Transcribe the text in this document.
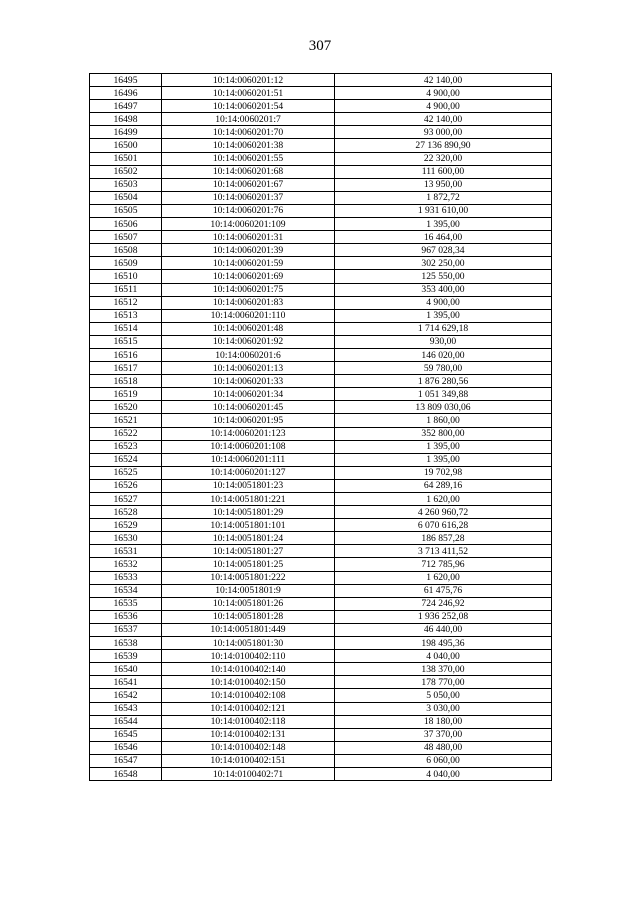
307
16495	10:14:0060201:12	42 140,00
16496	10:14:0060201:51	4 900,00
16497	10:14:0060201:54	4 900,00
16498	10:14:0060201:7	42 140,00
16499	10:14:0060201:70	93 000,00
16500	10:14:0060201:38	27 136 890,90
16501	10:14:0060201:55	22 320,00
16502	10:14:0060201:68	111 600,00
16503	10:14:0060201:67	13 950,00
16504	10:14:0060201:37	1 872,72
16505	10:14:0060201:76	1 931 610,00
16506	10:14:0060201:109	1 395,00
16507	10:14:0060201:31	16 464,00
16508	10:14:0060201:39	967 028,34
16509	10:14:0060201:59	302 250,00
16510	10:14:0060201:69	125 550,00
16511	10:14:0060201:75	353 400,00
16512	10:14:0060201:83	4 900,00
16513	10:14:0060201:110	1 395,00
16514	10:14:0060201:48	1 714 629,18
16515	10:14:0060201:92	930,00
16516	10:14:0060201:6	146 020,00
16517	10:14:0060201:13	59 780,00
16518	10:14:0060201:33	1 876 280,56
16519	10:14:0060201:34	1 051 349,88
16520	10:14:0060201:45	13 809 030,06
16521	10:14:0060201:95	1 860,00
16522	10:14:0060201:123	352 800,00
16523	10:14:0060201:108	1 395,00
16524	10:14:0060201:111	1 395,00
16525	10:14:0060201:127	19 702,98
16526	10:14:0051801:23	64 289,16
16527	10:14:0051801:221	1 620,00
16528	10:14:0051801:29	4 260 960,72
16529	10:14:0051801:101	6 070 616,28
16530	10:14:0051801:24	186 857,28
16531	10:14:0051801:27	3 713 411,52
16532	10:14:0051801:25	712 785,96
16533	10:14:0051801:222	1 620,00
16534	10:14:0051801:9	61 475,76
16535	10:14:0051801:26	724 246,92
16536	10:14:0051801:28	1 936 252,08
16537	10:14:0051801:449	46 440,00
16538	10:14:0051801:30	198 495,36
16539	10:14:0100402:110	4 040,00
16540	10:14:0100402:140	138 370,00
16541	10:14:0100402:150	178 770,00
16542	10:14:0100402:108	5 050,00
16543	10:14:0100402:121	3 030,00
16544	10:14:0100402:118	18 180,00
16545	10:14:0100402:131	37 370,00
16546	10:14:0100402:148	48 480,00
16547	10:14:0100402:151	6 060,00
16548	10:14:0100402:71	4 040,00
